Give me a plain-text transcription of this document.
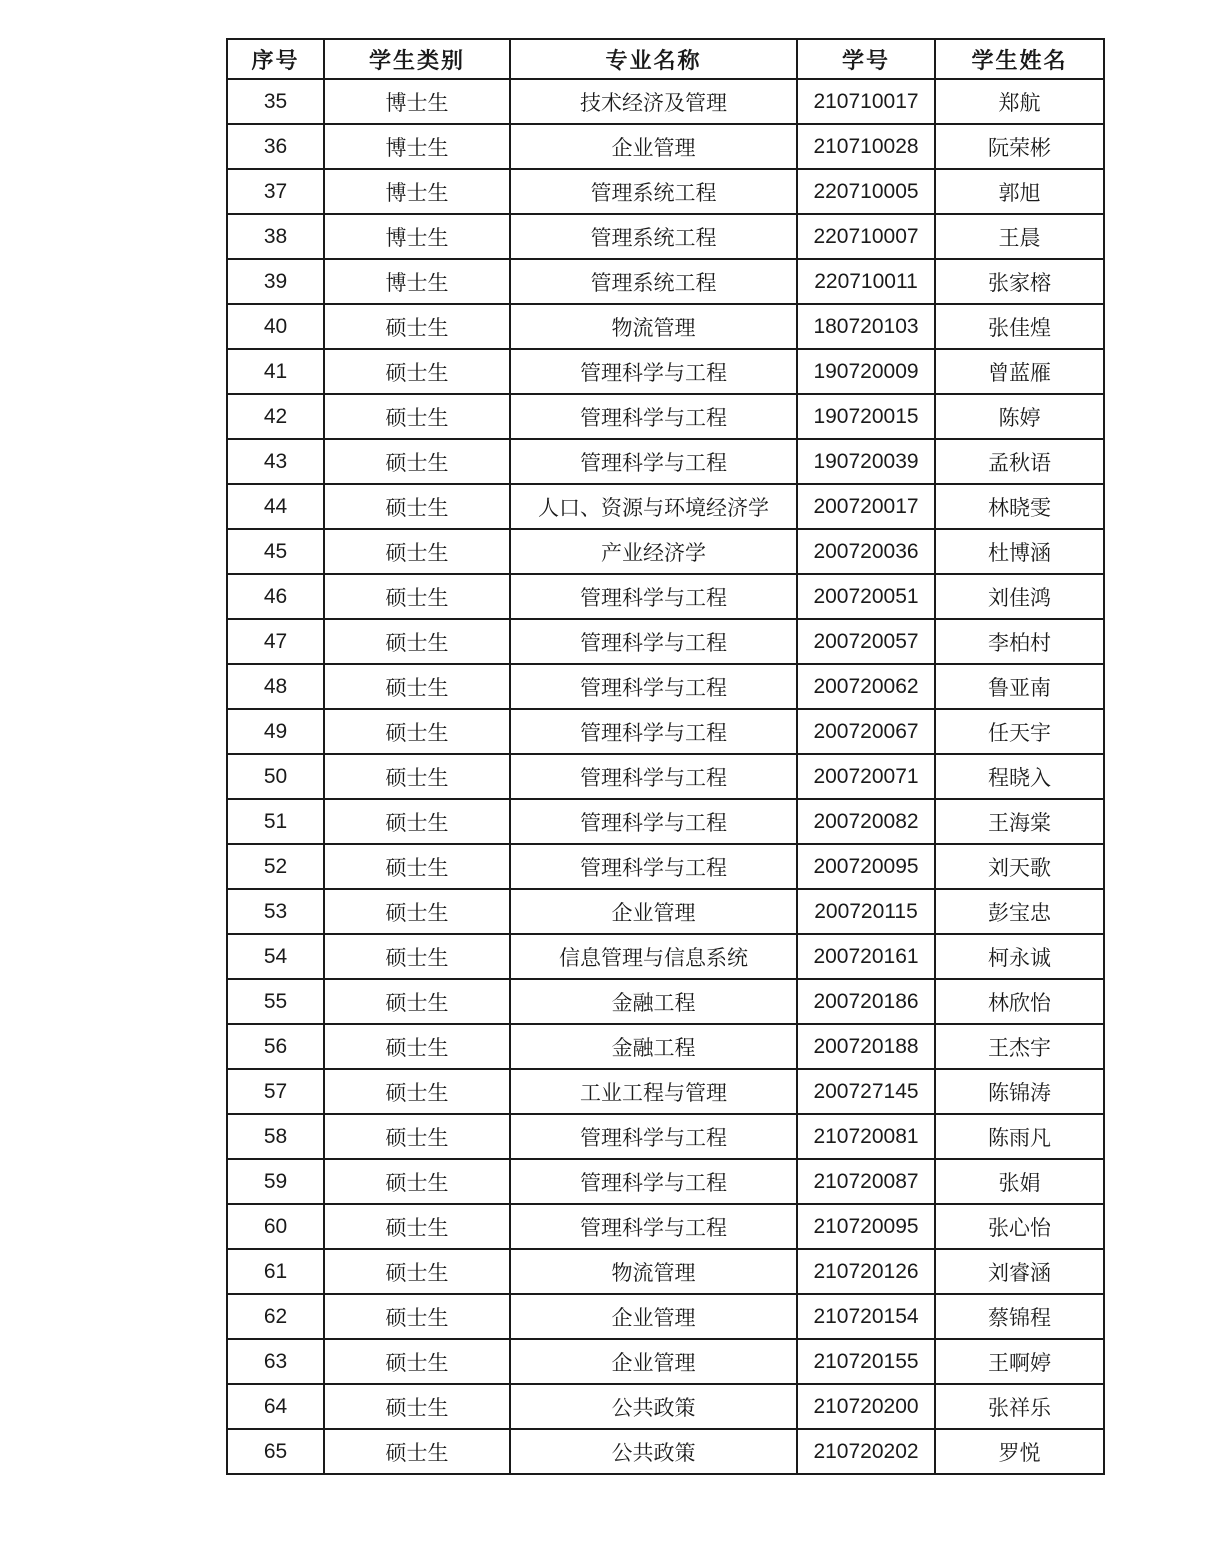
序号	学生类别	专业名称	学号	学生姓名
35	博士生	技术经济及管理	210710017	郑航
36	博士生	企业管理	210710028	阮荣彬
37	博士生	管理系统工程	220710005	郭旭
38	博士生	管理系统工程	220710007	王晨
39	博士生	管理系统工程	220710011	张家榕
40	硕士生	物流管理	180720103	张佳煌
41	硕士生	管理科学与工程	190720009	曾蓝雁
42	硕士生	管理科学与工程	190720015	陈婷
43	硕士生	管理科学与工程	190720039	孟秋语
44	硕士生	人口、资源与环境经济学	200720017	林晓雯
45	硕士生	产业经济学	200720036	杜博涵
46	硕士生	管理科学与工程	200720051	刘佳鸿
47	硕士生	管理科学与工程	200720057	李柏村
48	硕士生	管理科学与工程	200720062	鲁亚南
49	硕士生	管理科学与工程	200720067	任天宇
50	硕士生	管理科学与工程	200720071	程晓入
51	硕士生	管理科学与工程	200720082	王海棠
52	硕士生	管理科学与工程	200720095	刘天歌
53	硕士生	企业管理	200720115	彭宝忠
54	硕士生	信息管理与信息系统	200720161	柯永诚
55	硕士生	金融工程	200720186	林欣怡
56	硕士生	金融工程	200720188	王杰宇
57	硕士生	工业工程与管理	200727145	陈锦涛
58	硕士生	管理科学与工程	210720081	陈雨凡
59	硕士生	管理科学与工程	210720087	张娟
60	硕士生	管理科学与工程	210720095	张心怡
61	硕士生	物流管理	210720126	刘睿涵
62	硕士生	企业管理	210720154	蔡锦程
63	硕士生	企业管理	210720155	王啊婷
64	硕士生	公共政策	210720200	张祥乐
65	硕士生	公共政策	210720202	罗悦
